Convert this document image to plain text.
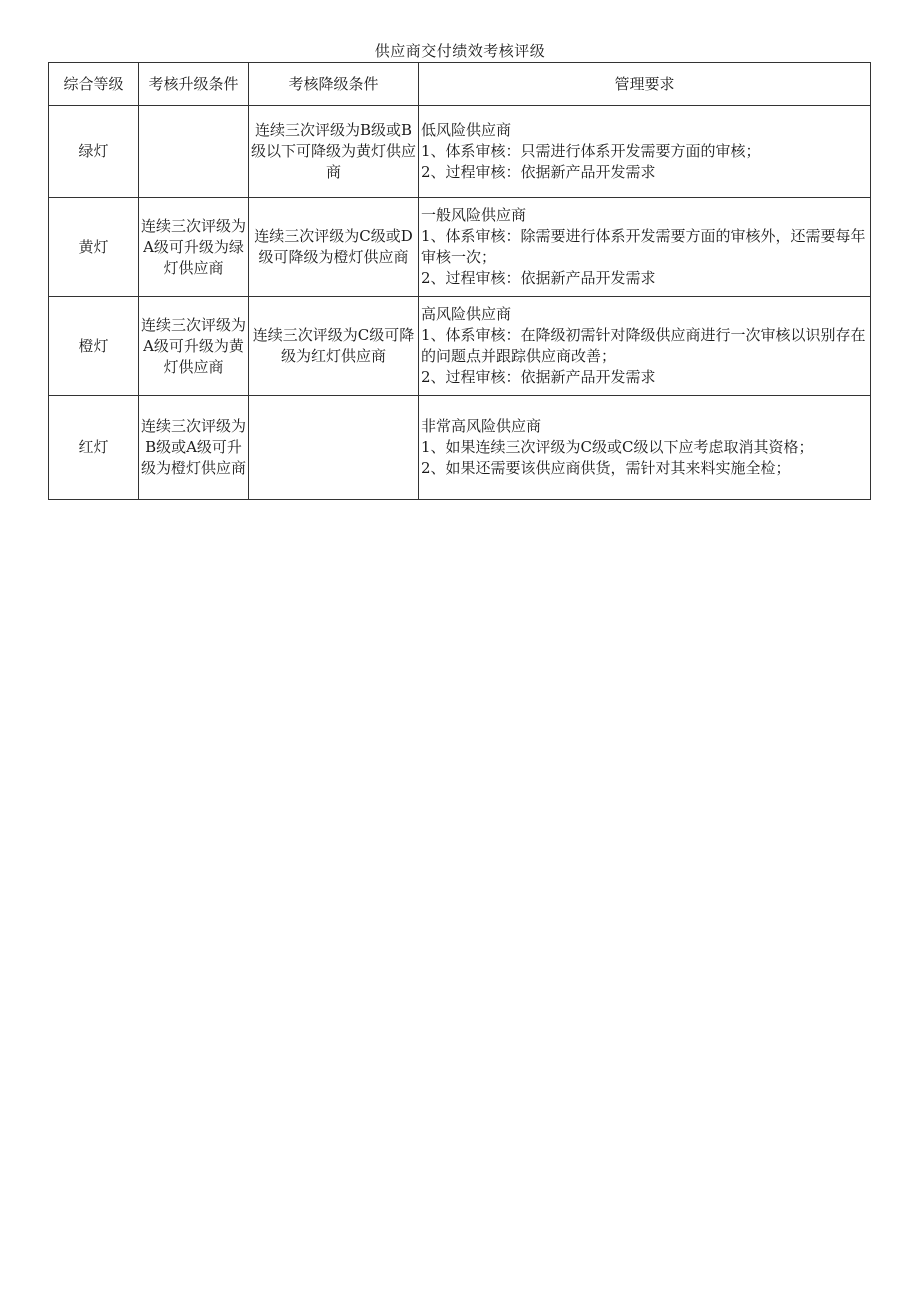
供应商交付绩效考核评级
综合等级	考核升级条件	考核降级条件	管理要求
绿灯		连续三次评级为B级或B级以下可降级为黄灯供应商	低风险供应商
1、体系审核：只需进行体系开发需要方面的审核；
2、过程审核：依据新产品开发需求

黄灯	连续三次评级为A级可升级为绿灯供应商	连续三次评级为C级或D级可降级为橙灯供应商	一般风险供应商
1、体系审核：除需要进行体系开发需要方面的审核外，还需要每年审核一次；
2、过程审核：依据新产品开发需求

橙灯	连续三次评级为A级可升级为黄灯供应商	连续三次评级为C级可降级为红灯供应商	高风险供应商
1、体系审核：在降级初需针对降级供应商进行一次审核以识别存在的问题点并跟踪供应商改善；
2、过程审核：依据新产品开发需求

红灯	连续三次评级为B级或A级可升级为橙灯供应商		非常高风险供应商
1、如果连续三次评级为C级或C级以下应考虑取消其资格；
2、如果还需要该供应商供货，需针对其来料实施全检；
